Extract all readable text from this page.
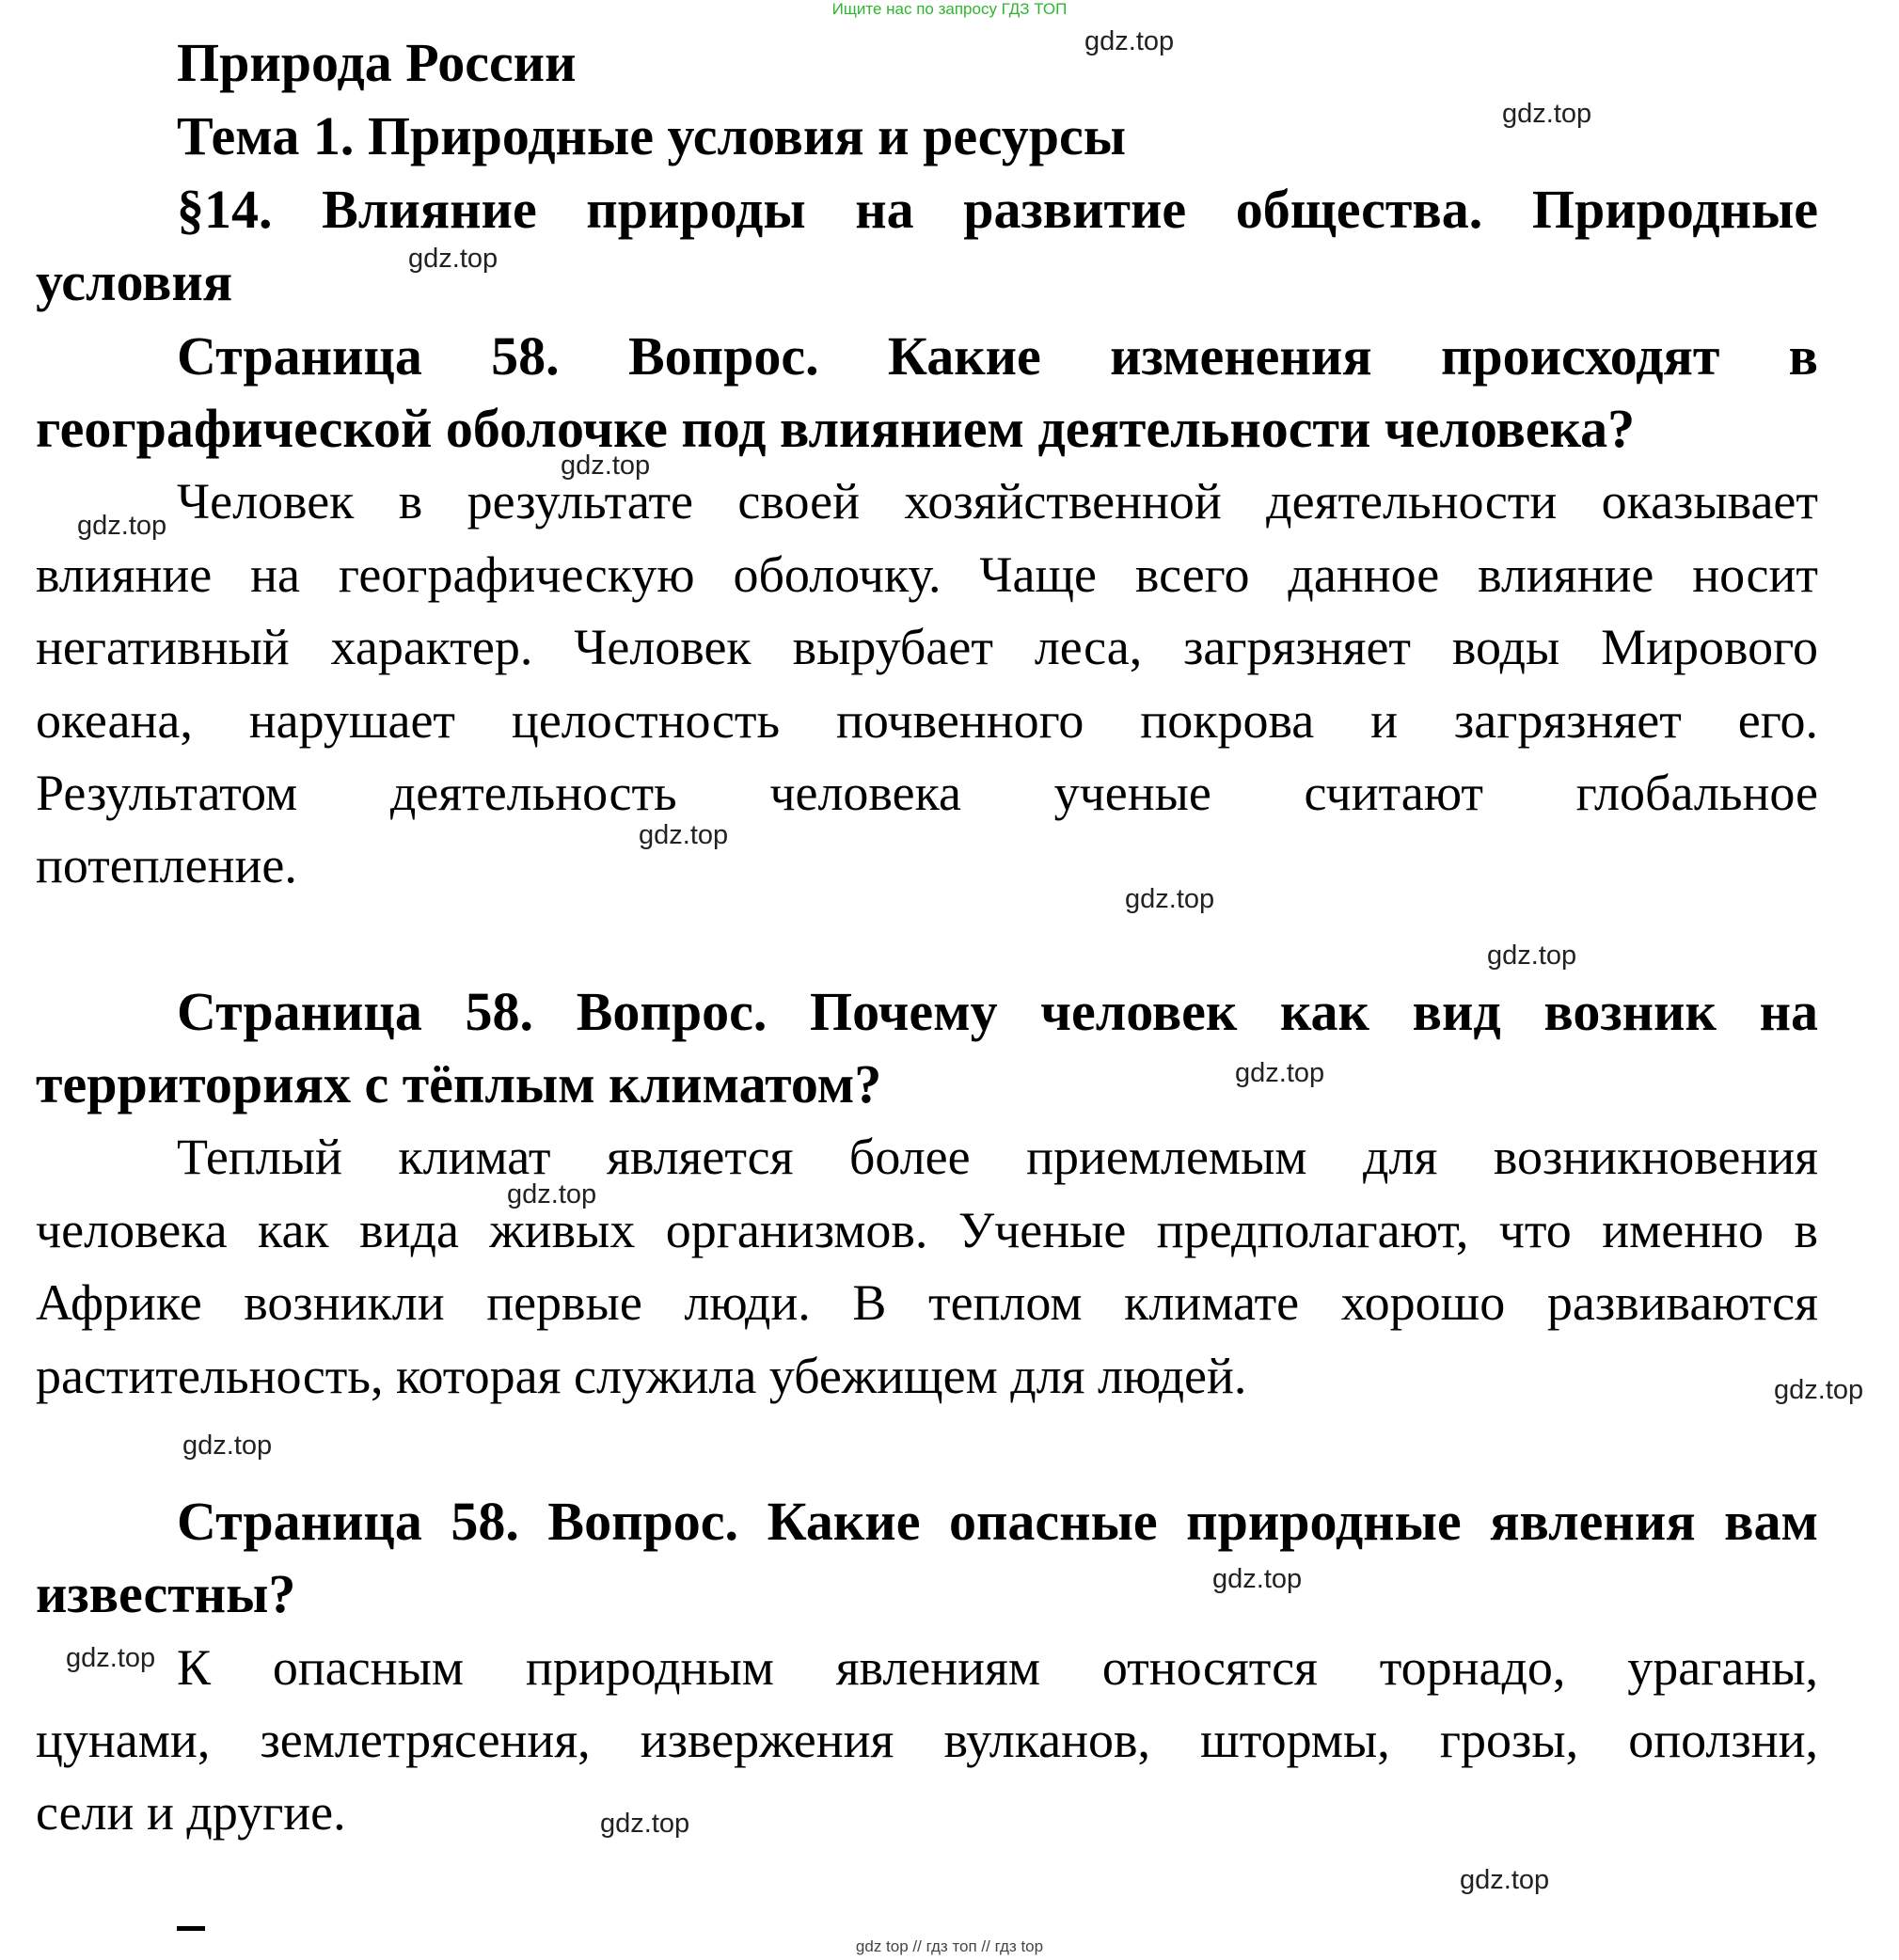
Ищите нас по запросу ГДЗ ТОП
Природа России
Тема 1. Природные условия и ресурсы
§14. Влияние природы на развитие общества. Природные
условия
Страница 58. Вопрос. Какие изменения происходят в
географической оболочке под влиянием деятельности человека?
Человек в результате своей хозяйственной деятельности оказывает
влияние на географическую оболочку. Чаще всего данное влияние носит
негативный характер. Человек вырубает леса, загрязняет воды Мирового
океана, нарушает целостность почвенного покрова и загрязняет его.
Результатом деятельность человека ученые считают глобальное
потепление.
Страница 58. Вопрос. Почему человек как вид возник на
территориях с тёплым климатом?
Теплый климат является более приемлемым для возникновения
человека как вида живых организмов. Ученые предполагают, что именно в
Африке возникли первые люди. В теплом климате хорошо развиваются
растительность, которая служила убежищем для людей.
Страница 58. Вопрос. Какие опасные природные явления вам
известны?
К опасным природным явлениям относятся торнадо, ураганы,
цунами, землетрясения, извержения вулканов, штормы, грозы, оползни,
сели и другие.
gdz.top
gdz.top
gdz.top
gdz.top
gdz.top
gdz.top
gdz.top
gdz.top
gdz.top
gdz.top
gdz.top
gdz.top
gdz.top
gdz.top
gdz.top
gdz.top
gdz top // гдз топ // гдз top
